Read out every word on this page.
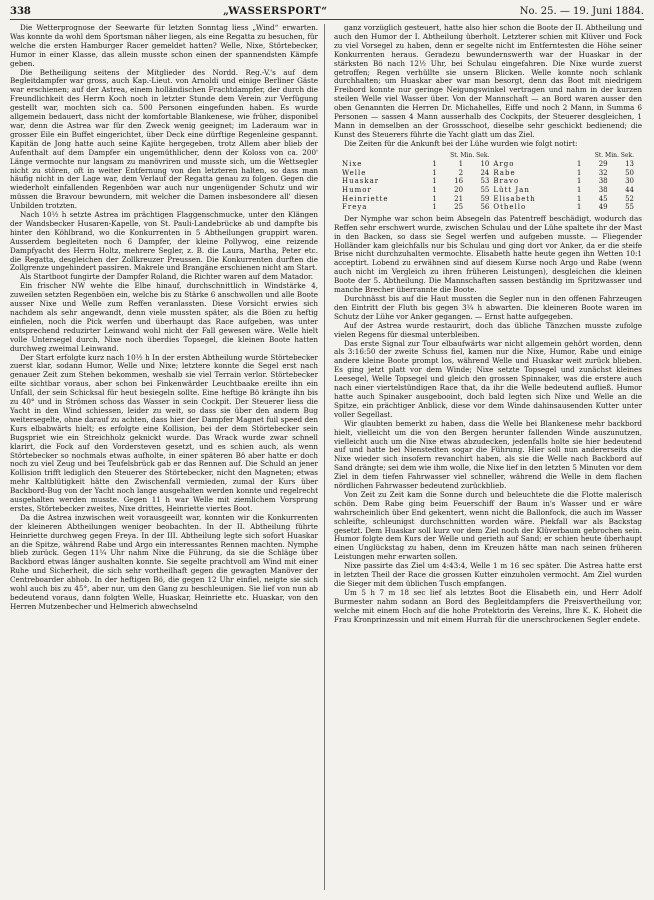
338	„WASSERSPORT“	No. 25. — 19. Juni 1884.

Die Wetterprognose der Seewarte für letzten Sonntag liess „Wind“ erwarten. Was konnte da wohl dem Sportsman näher liegen, als eine Regatta zu besuchen, für welche die ersten Hamburger Racer gemeldet hatten? Welle, Nixe, Störtebecker, Humor in einer Klasse, das allein musste schon einen der spannendsten Kämpfe geben.

Die Betheiligung seitens der Mitglieder des Nordd. Reg.-V.'s auf dem Begleitdampfer war gross, auch Kap.-Lieut. von Arnoldi und einige Berliner Gäste war erschienen; auf der Astrea, einem holländischen Frachtdampfer, der durch die Freundlichkeit des Herrn Koch noch in letzter Stunde dem Verein zur Verfügung gestellt war, mochten sich ca. 500 Personen eingefunden haben. Es wurde allgemein bedauert, dass nicht der komfortable Blankenese, wie früher, disponibel war, denn die Astrea war für den Zweck wenig geeignet; im Laderaum war in grosser Eile ein Buffet eingerichtet, über Deck eine dürftige Regenleine gespannt. Kapitän de Jong hatte auch seine Kajüte hergegeben, trotz Allem aber blieb der Aufenthalt auf dem Dampfer ein ungemüthlicher, denn der Koloss von ca. 200' Länge vermochte nur langsam zu manövriren und musste sich, um die Wettsegler nicht zu stören, oft in weiter Entfernung von den letzteren halten, so dass man häufig nicht in der Lage war, dem Verlauf der Regatta genau zu folgen. Gegen die wiederholt einfallenden Regenböen war auch nur ungenügender Schutz und wir müssen die Bravour bewundern, mit welcher die Damen insbesondere all' diesen Unbilden trotzten.

Nach 10½ h setzte Astrea im prächtigen Flaggenschmucke, unter den Klängen der Wandsbecker Husaren-Kapelle, von St. Pauli-Landebrücke ab und dampfte bis hinter den Köhlbrand, wo die Konkurrenten in 5 Abtheilungen gruppirt waren. Ausserdem begleiteten noch 6 Dampfer, der kleine Pollywog, eine reizende Dampfyacht des Herrn Holtz, mehrere Segler, z. B. die Laura, Martha, Peter etc. die Regatta, desgleichen der Zollkreuzer Preussen. Die Konkurrenten durften die Zollgrenze ungehindert passiren. Makrele und Brangäne erschienen nicht am Start.

Als Startboot fungirte der Dampfer Roland, die Richter waren auf dem Matador.

Ein frischer NW wehte die Elbe hinauf, durchschnittlich in Windstärke 4, zuweilen setzten Regenböen ein, welche bis zu Stärke 6 anschwollen und alle Boote ausser Nixe und Welle zum Reffen veranlassten. Diese Vorsicht erwies sich nachdem als sehr angewandt, denn viele mussten später, als die Böen zu heftig einfielen, noch die Pick werfen und überhaupt das Race aufgeben, was unter entsprechend reduzirter Leinwand wohl nicht der Fall gewesen wäre. Welle hielt volle Untersegel durch, Nixe noch überdies Topsegel, die kleinen Boote hatten durchweg zweimal Leinwand.

Der Start erfolgte kurz nach 10½ h In der ersten Abtheilung wurde Störtebecker zuerst klar, sodann Humor, Welle und Nixe; letztere konnte die Segel erst nach genauer Zeit zum Stehen bekommen, weshalb sie viel Terrain verlor. Störtebecker eilte sichtbar voraus, aber schon bei Finkenwärder Leuchtbaake ereilte ihn ein Unfall, der sein Schicksal für heut besiegeln sollte. Eine heftige Bö krängte ihn bis zu 40° und in Strömen schoss das Wasser in sein Cockpit. Der Steuerer liess die Yacht in den Wind schiessen, leider zu weit, so dass sie über den andern Bug weitersegelte, ohne darauf zu achten, dass hier der Dampfer Magnet fuil speed den Kurs elbabwärts hielt; es erfolgte eine Kollision, bei der dem Störtebecker sein Bugspriet wie ein Streichholz geknickt wurde. Das Wrack wurde zwar schnell klarirt, die Fock auf den Vordersteven gesetzt, und es schien auch, als wenn Störtebecker so nochmals etwas aufholte, in einer späteren Bö aber hatte er doch noch zu viel Zeug und bei Teufelsbrück gab er das Rennen auf. Die Schuld an jener Kollision trifft lediglich den Steuerer des Störtebecker, nicht den Magneten; etwas mehr Kaltblütigkeit hätte den Zwischenfall vermieden, zumal der Kurs über Backbord-Bug von der Yacht noch lange ausgehalten werden konnte und regelrecht ausgehalten werden musste. Gegen 11 h war Welle mit ziemlichem Vorsprung erstes, Störtebecker zweites, Nixe drittes, Heinriette viertes Boot.

Da die Astrea inzwischen weit vorausgeeilt war, konnten wir die Konkurrenten der kleineren Abtheilungen weniger beobachten. In der II. Abtheilung führte Heinriette durchweg gegen Freya. In der III. Abtheilung legte sich sofort Huaskar an die Spitze, während Rabe und Argo ein interessantes Rennen machten. Nymphe blieb zurück. Gegen 11¼ Uhr nahm Nixe die Führung, da sie die Schläge über Backbord etwas länger aushalten konnte. Sie segelte prachtvoll am Wind mit einer Ruhe und Sicherheit, die sich sehr vortheilhaft gegen die gewagten Manöver der Centreboarder abhob. In der heftigen Bö, die gegen 12 Uhr einfiel, neigte sie sich wohl auch bis zu 45°, aber nur, um den Gang zu beschleunigen. Sie lief von nun ab bedeutend voraus, dann folgten Welle, Huaskar, Heinriette etc. Huaskar, von den Herren Mutzenbecher und Helmerich abwechselnd

ganz vorzüglich gesteuert, hatte also hier schon die Boote der II. Abtheilung und auch den Humor der I. Abtheilung überholt. Letzterer schien mit Klüver und Fock zu viel Vorsegel zu haben, denn er segelte nicht im Entferntesten die Höhe seiner Konkurrenten heraus. Geradezu bewundernswerth war der Huaskar in der stärksten Bö nach 12½ Uhr, bei Schulau eingefahren. Die Nixe wurde zuerst getroffen; Regen verhüllte sie unsern Blicken. Welle konnte noch schlank durchhalten; um Huaskar aber war man besorgt, denn das Boot mit niedrigem Freibord konnte nur geringe Neigungswinkel vertragen und nahm in der kurzen steilen Welle viel Wasser über. Von der Mannschaft — an Bord waren ausser den oben Genannten die Herren Dr. Michahelles, Eiffe und noch 2 Mann, in Summa 6 Personen — sassen 4 Mann ausserhalb des Cockpits, der Steuerer desgleichen, 1 Mann in demselben an der Grossschoot, dieselbe sehr geschickt bedienend; die Kunst des Steuerers führte die Yacht glatt um das Ziel.

Die Zeiten für die Ankunft bei der Lühe wurden wie folgt notirt:

	St. Min. Sek.				St. Min. Sek.		
Nixe	1	1	10	Argo	1	29	13
Welle	1	2	24	Rabe	1	32	50
Huaskar	1	16	53	Bravo	1	38	30
Humor	1	20	55	Lütt Jan	1	38	44
Heinriette	1	21	59	Elisabeth	1	45	52
Freya	1	25	56	Othello	1	49	55

Der Nymphe war schon beim Absegeln das Patentreff beschädigt, wodurch das Reffen sehr erschwert wurde, zwischen Schulau und der Lühe spaltete ihr der Mast in den Backen, so dass sie Segel werfen und aufgeben musste. — Fliegender Holländer kam gleichfalls nur bis Schulau und ging dort vor Anker, da er die steife Brise nicht durchzuhalten vermochte. Elisabeth hatte heute gegen ihn Wetten 10:1 acceptirt. Lobend zu erwähnen sind auf diesem Kurse noch Argo und Rabe (wenn auch nicht im Vergleich zu ihren früheren Leistungen), desgleichen die kleinen Boote der 5. Abtheilung. Die Mannschaften sassen beständig im Spritzwasser und manche Brecher überrannte die Boote.

Durchnässt bis auf die Haut mussten die Segler nun in den offenen Fahrzeugen den Eintritt der Fluth bis gegen 3¼ h abwarten. Die kleineren Boote waren im Schutz der Lühe vor Anker gegangen. — Ernst hatte aufgegeben.

Auf der Astrea wurde restaurirt, doch das übliche Tänzchen musste zufolge vielen Regens für diesmal unterbleiben.

Das erste Signal zur Tour elbaufwärts war nicht allgemein gehört worden, denn als 3:16:50 der zweite Schuss fiel, kamen nur die Nixe, Humor, Rabe und einige andere kleine Boote prompt los, während Welle und Huaskar weit zurück blieben. Es ging jetzt platt vor dem Winde; Nixe setzte Topsegel und zunächst kleines Leesegel, Welle Topsegel und gleich den grossen Spinnaker, was die erstere auch nach einer viertelstündigen Race that, da ihr die Welle bedeutend aufließ. Humor hatte auch Spinaker ausgebooint, doch bald legten sich Nixe und Welle an die Spitze, ein prächtiger Anblick, diese vor dem Winde dahinsausenden Kutter unter voller Segellast.

Wir glaubten bemerkt zu haben, dass die Welle bei Blankenese mehr backbord hielt, vielleicht um die von den Bergen herunter fallenden Winde auszunutzen, vielleicht auch um die Nixe etwas abzudecken, jedenfalls holte sie hier bedeutend auf und hatte bei Nienstedten sogar die Führung. Hier soll nun andererseits die Nixe wieder sich insofern revanchirt haben, als sie die Welle nach Backbord auf Sand drängte; sei dem wie ihm wolle, die Nixe lief in den letzten 5 Minuten vor dem Ziel in dem tiefen Fahrwasser viel schneller, während die Welle in dem flachen nördlichen Fahrwasser bedeutend zurückblieb.

Von Zeit zu Zeit kam die Sonne durch und beleuchtete die die Flotte malerisch schön. Dem Rabe ging beim Feuerschiff der Baum in's Wasser und er wäre wahrscheinlich über End gekentert, wenn nicht die Ballonfock, die auch im Wasser schleifte, schleunigst durchschnitten worden wäre. Piekfall war als Backstag gesetzt. Dem Huaskar soll kurz vor dem Ziel noch der Klüverbaum gebrochen sein. Humor folgte dem Kurs der Welle und gerieth auf Sand; er schien heute überhaupt einen Unglückstag zu haben, denn im Kreuzen hätte man nach seinen früheren Leistungen mehr erwarten sollen.

Nixe passirte das Ziel um 4:43:4, Welle 1 m 16 sec später. Die Astrea hatte erst in letzten Theil der Race die grossen Kutter einzuholen vermocht. Am Ziel wurden die Sieger mit dem üblichen Tusch empfangen.

Um 5 h 7 m 18 sec lief als letztes Boot die Elisabeth ein, und Herr Adolf Burmester nahm sodann an Bord des Begleitdampfers die Preisvertheilung vor, welche mit einem Hoch auf die hohe Protektorin des Vereins, Ihre K. K. Hoheit die Frau Kronprinzessin und mit einem Hurrah für die unerschrockenen Segler endete.
